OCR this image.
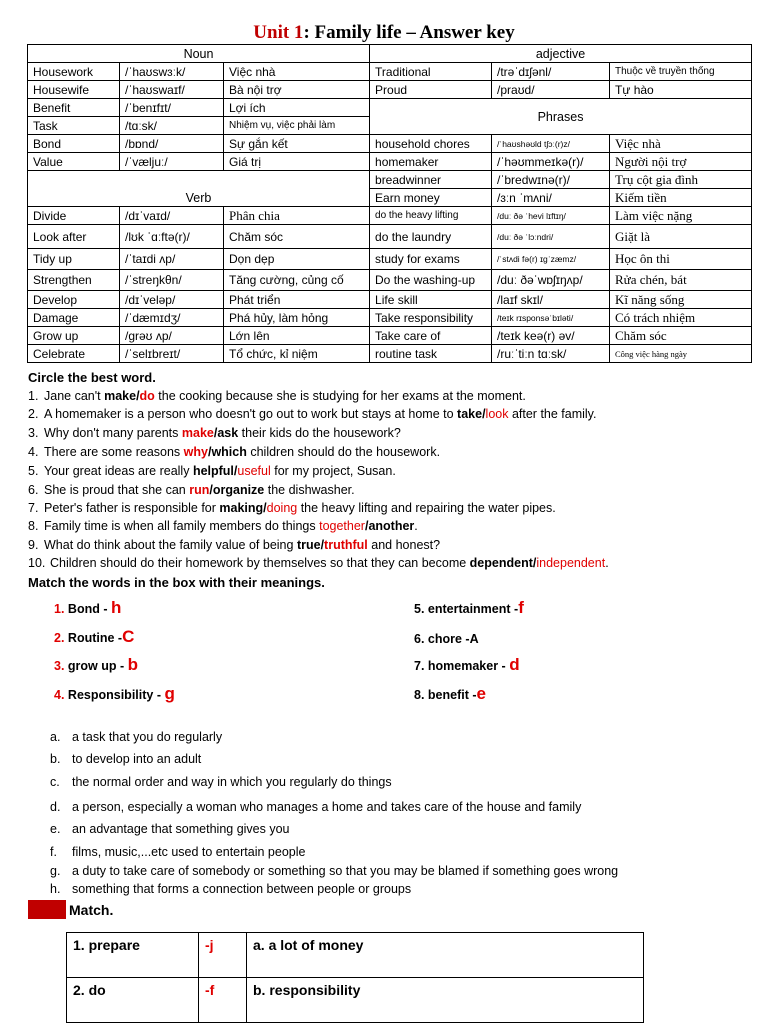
Unit 1: Family life – Answer key
Noun			adjective		
Housework	/ˈhaʊswɜːk/	Việc nhà	Traditional	/trəˈdɪʃənl/	Thuộc về truyền thống
Housewife	/ˈhaʊswaɪf/	Bà nội trợ	Proud	/praʊd/	Tự hào
Benefit	/ˈbenɪfɪt/	Lợi ích	Phrases		
Task	/tɑːsk/	Nhiệm vụ, việc phải làm			
Bond	/bɒnd/	Sự gắn kết	household chores	/ˈhaʊshəʊld tʃɔː(r)z/	Việc nhà
Value	/ˈvæljuː/	Giá trị	homemaker	/ˈhəʊmmeɪkə(r)/	Người nội trợ
Verb			breadwinner	/ˈbredwɪnə(r)/	Trụ cột gia đình
			Earn money	/ɜːn ˈmʌni/	Kiếm tiền
Divide	/dɪˈvaɪd/	Phân chia	do the heavy lifting	/duː ðə ˈhevi lɪftɪŋ/	Làm việc nặng
Look after	/lʊk ˈɑːftə(r)/	Chăm sóc	do the laundry	/duː ðə ˈlɔːndri/	Giặt là
Tidy up	/ˈtaɪdi ʌp/	Dọn dẹp	study for exams	/ˈstʌdi fə(r) ɪɡˈzæmz/	Học ôn thi
Strengthen	/ˈstreŋkθn/	Tăng cường, củng cố	Do the washing-up	/duː ðəˈwɒʃɪŋʌp/	Rửa chén, bát
Develop	/dɪˈveləp/	Phát triển	Life skill	/laɪf skɪl/	Kĩ năng sống
Damage	/ˈdæmɪdʒ/	Phá hủy, làm hỏng	Take responsibility	/teɪk rɪsponsəˈbɪləti/	Có trách nhiệm
Grow up	/ɡrəʊ ʌp/	Lớn lên	Take care of	/teɪk keə(r) əv/	Chăm sóc
Celebrate	/ˈselɪbreɪt/	Tổ chức, kỉ niệm	routine task	/ruːˈtiːn tɑːsk/	Công việc hàng ngày
Circle the best word.
1. Jane can't make/do the cooking because she is studying for her exams at the moment.
2. A homemaker is a person who doesn't go out to work but stays at home to take/look after the family.
3. Why don't many parents make/ask their kids do the housework?
4. There are some reasons why/which children should do the housework.
5. Your great ideas are really helpful/useful for my project, Susan.
6. She is proud that she can run/organize the dishwasher.
7. Peter's father is responsible for making/doing the heavy lifting and repairing the water pipes.
8. Family time is when all family members do things together/another.
9. What do think about the family value of being true/truthful and honest?
10. Children should do their homework by themselves so that they can become dependent/independent.
Match the words in the box with their meanings.
1. Bond - h
2. Routine -C
3. grow up - b
4. Responsibility - g
5. entertainment -f
6. chore -A
7. homemaker - d
8. benefit -e
a. a task that you do regularly
b. to develop into an adult
c. the normal order and way in which you regularly do things
d. a person, especially a woman who manages a home and takes care of the house and family
e. an advantage that something gives you
f. films, music,...etc used to entertain people
g. a duty to take care of somebody or something so that you may be blamed if something goes wrong
h. something that forms a connection between people or groups
Match.
1. prepare	-j	a. a lot of money
2. do	-f	b. responsibility
